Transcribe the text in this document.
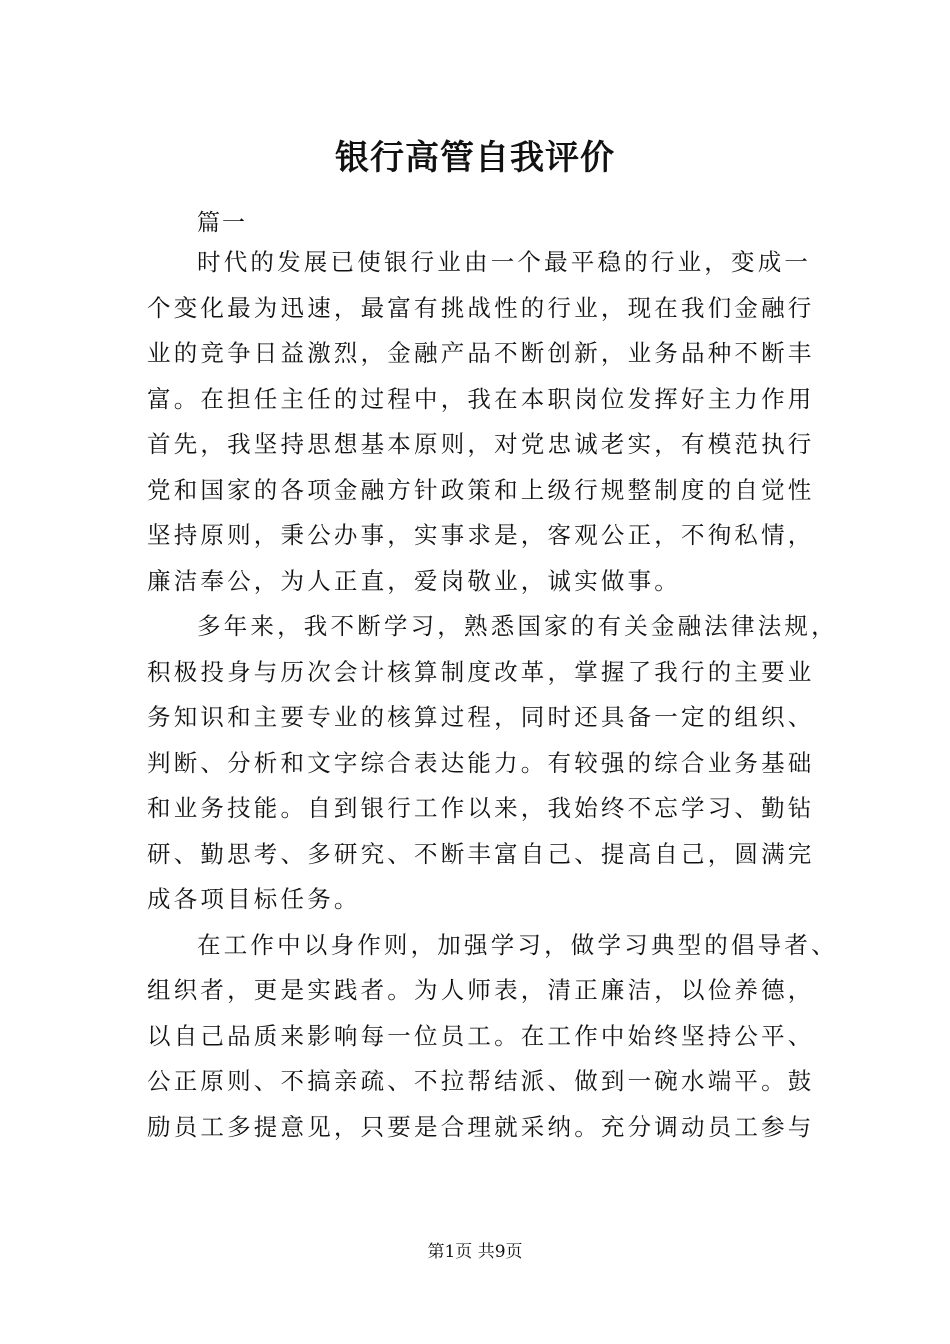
银行高管自我评价
篇一
时代的发展已使银行业由一个最平稳的行业，变成一
个变化最为迅速，最富有挑战性的行业，现在我们金融行
业的竞争日益激烈，金融产品不断创新，业务品种不断丰
富。在担任主任的过程中，我在本职岗位发挥好主力作用
首先，我坚持思想基本原则，对党忠诚老实，有模范执行
党和国家的各项金融方针政策和上级行规整制度的自觉性
坚持原则，秉公办事，实事求是，客观公正，不徇私情，
廉洁奉公，为人正直，爱岗敬业，诚实做事。
多年来，我不断学习，熟悉国家的有关金融法律法规，
积极投身与历次会计核算制度改革，掌握了我行的主要业
务知识和主要专业的核算过程，同时还具备一定的组织、
判断、分析和文字综合表达能力。有较强的综合业务基础
和业务技能。自到银行工作以来，我始终不忘学习、勤钻
研、勤思考、多研究、不断丰富自己、提高自己，圆满完
成各项目标任务。
在工作中以身作则，加强学习，做学习典型的倡导者、
组织者，更是实践者。为人师表，清正廉洁，以俭养德，
以自己品质来影响每一位员工。在工作中始终坚持公平、
公正原则、不搞亲疏、不拉帮结派、做到一碗水端平。鼓
励员工多提意见，只要是合理就采纳。充分调动员工参与
第1页 共9页
